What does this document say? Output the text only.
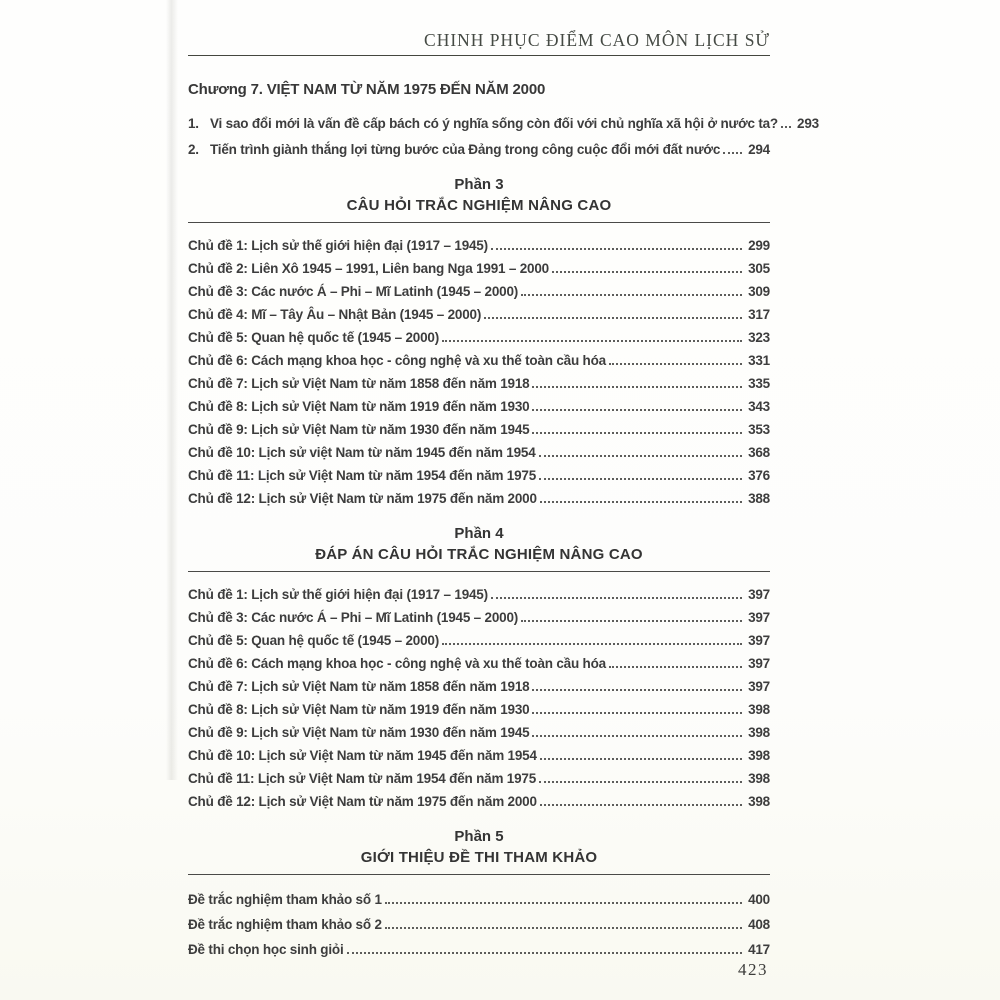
CHINH PHỤC ĐIỂM CAO MÔN LỊCH SỬ
Chương 7. VIỆT NAM TỪ NĂM 1975 ĐẾN NĂM 2000
1. Vi sao đổi mới là vấn đề cấp bách có ý nghĩa sống còn đối với chủ nghĩa xã hội ở nước ta?	293
2. Tiến trình giành thắng lợi từng bước của Đảng trong công cuộc đổi mới đất nước	294
Phần 3
CÂU HỎI TRẮC NGHIỆM NÂNG CAO
Chủ đề 1: Lịch sử thế giới hiện đại (1917 – 1945)	299
Chủ đề 2: Liên Xô 1945 – 1991, Liên bang Nga 1991 – 2000	305
Chủ đề 3: Các nước Á – Phi – Mĩ Latinh (1945 – 2000)	309
Chủ đề 4: Mĩ – Tây Âu – Nhật Bản (1945 – 2000)	317
Chủ đề 5: Quan hệ quốc tế (1945 – 2000)	323
Chủ đề 6: Cách mạng khoa học - công nghệ và xu thế toàn cầu hóa	331
Chủ đề 7: Lịch sử Việt Nam từ năm 1858 đến năm 1918	335
Chủ đề 8: Lịch sử Việt Nam từ năm 1919 đến năm 1930	343
Chủ đề 9: Lịch sử Việt Nam từ năm 1930 đến năm 1945	353
Chủ đề 10: Lịch sử việt Nam từ năm 1945 đến năm 1954	368
Chủ đề 11: Lịch sử Việt Nam từ năm 1954 đến năm 1975	376
Chủ đề 12: Lịch sử Việt Nam từ năm 1975 đến năm 2000	388
Phần 4
ĐÁP ÁN CÂU HỎI TRẮC NGHIỆM NÂNG CAO
Chủ đề 1: Lịch sử thế giới hiện đại (1917 – 1945)	397
Chủ đề 3: Các nước Á – Phi – Mĩ Latinh (1945 – 2000)	397
Chủ đề 5: Quan hệ quốc tế (1945 – 2000)	397
Chủ đề 6: Cách mạng khoa học - công nghệ và xu thế toàn cầu hóa	397
Chủ đề 7: Lịch sử Việt Nam từ năm 1858 đến năm 1918	397
Chủ đề 8: Lịch sử Việt Nam từ năm 1919 đến năm 1930	398
Chủ đề 9: Lịch sử Việt Nam từ năm 1930 đến năm 1945	398
Chủ đề 10: Lịch sử Việt Nam từ năm 1945 đến năm 1954	398
Chủ đề 11: Lịch sử Việt Nam từ năm 1954 đến năm 1975	398
Chủ đề 12: Lịch sử Việt Nam từ năm 1975 đến năm 2000	398
Phần 5
GIỚI THIỆU ĐỀ THI THAM KHẢO
Đề trắc nghiệm tham khảo số 1	400
Đề trắc nghiệm tham khảo số 2	408
Đề thi chọn học sinh giỏi	417
423
